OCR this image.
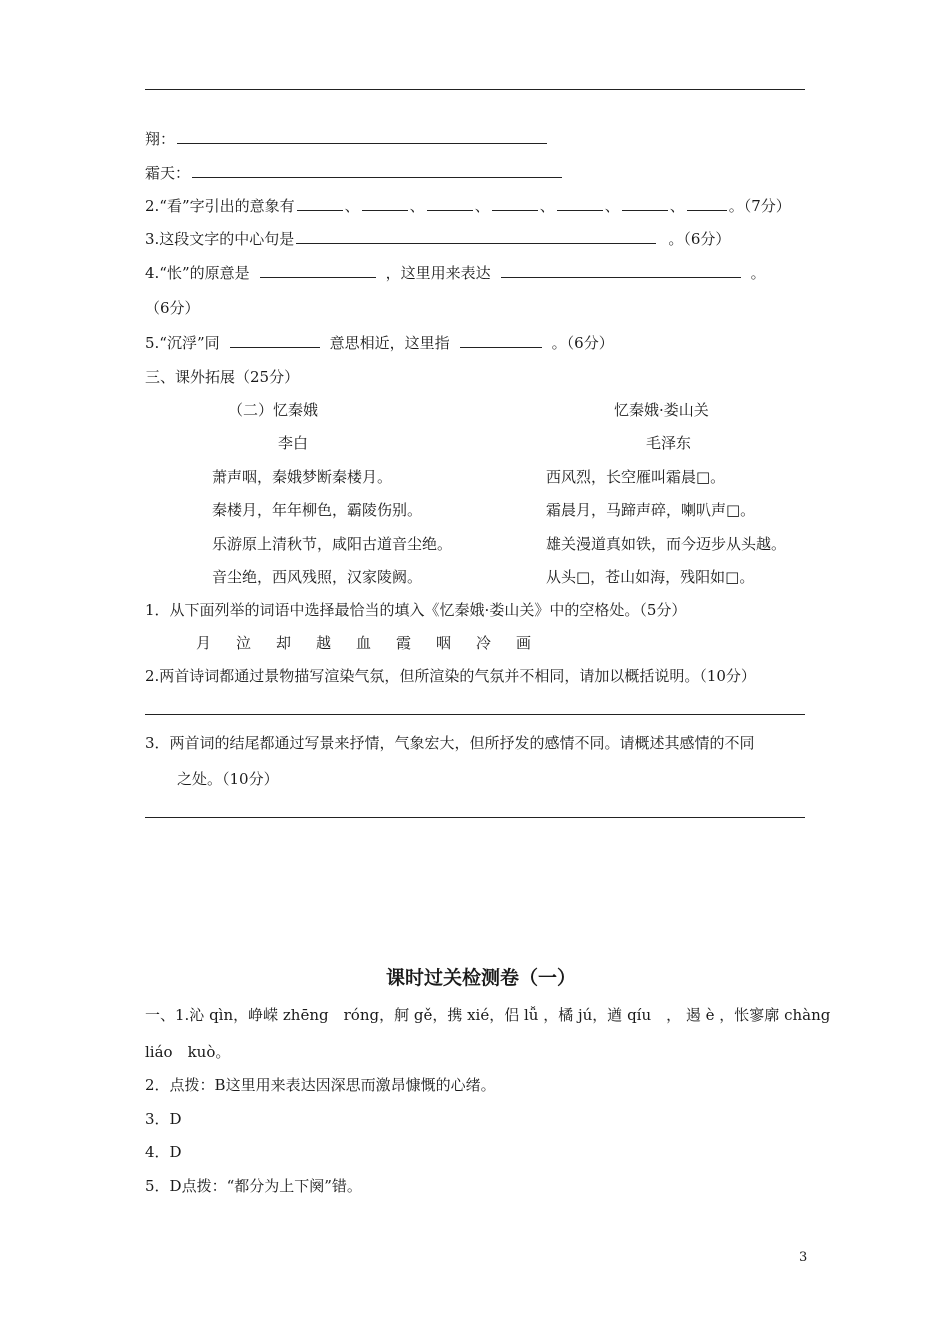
翔：
霜天：
2.“看”字引出的意象有	、	、	、	、	、	、	。（7分）
3.这段文字的中心句是	。（6分）
4.“怅”的原意是	，这里用来表达	。
（6分）
5.“沉浮”同	意思相近，这里指	。（6分）
三、课外拓展（25分）
（二）忆秦娥
李白
萧声咽，秦娥梦断秦楼月。
秦楼月，年年柳色，霸陵伤别。
乐游原上清秋节，咸阳古道音尘绝。
音尘绝，西风残照，汉家陵阙。
忆秦娥·娄山关
毛泽东
西风烈，长空雁叫霜晨□。
霜晨月，马蹄声碎，喇叭声□。
雄关漫道真如铁，而今迈步从头越。
从头□，苍山如海，残阳如□。
1．从下面列举的词语中选择最恰当的填入《忆秦娥·娄山关》中的空格处。（5分）
月 泣 却 越 血 霞 咽 冷 画
2.两首诗词都通过景物描写渲染气氛，但所渲染的气氛并不相同，请加以概括说明。（10分）
3．两首词的结尾都通过写景来抒情，气象宏大，但所抒发的感情不同。请概述其感情的不同
之处。（10分）
课时过关检测卷（一）
一、1.沁 qìn，峥嵘 zhēng　róng，舸 gě，携 xié，侣 lǚ ，橘 jú，遒 qíu　， 遏 è ，怅寥廓 chàng
liáo　kuò。
2．点拨：B这里用来表达因深思而激昂慷慨的心绪。
3．D
4．D
5．D点拨：“都分为上下阕”错。
3
